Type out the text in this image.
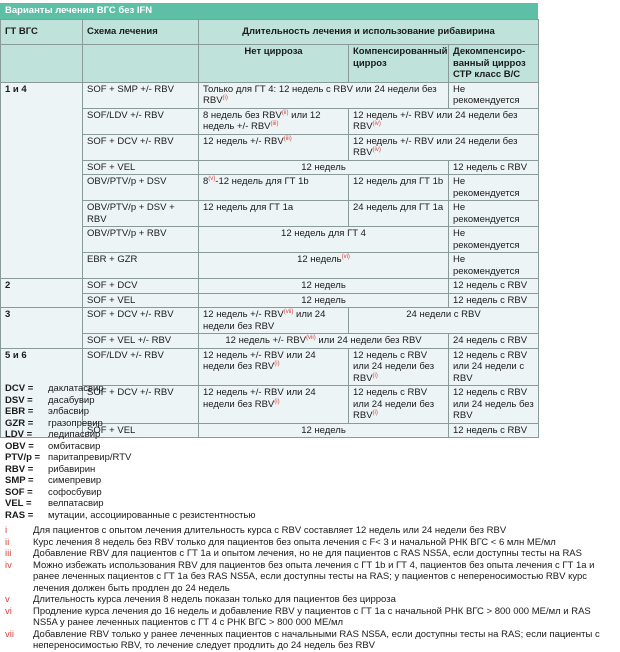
Варианты лечения ВГС без IFN
ГТ ВГС	Схема лечения	Длительность лечения и использование рибавирина		
		Нет цирроза	Компенсированный цирроз	Декомпенсиро-ванный цирроз СТР класс B/C
1 и 4	SOF + SMP +/- RBV	Только для ГТ 4: 12 недель с RBV или 24 недели без RBV$^{(i)}$		Не рекомендуется
	SOF/LDV +/- RBV	8 недель без RBV$^{(ii)}$ или 12 недель +/- RBV$^{(iii)}$	12 недель +/- RBV или 24 недели без RBV$^{(iv)}$
	SOF + DCV +/- RBV	12 недель +/- RBV$^{(iii)}$	12 недель +/- RBV или 24 недели без RBV$^{(iv)}$
	SOF + VEL	12 недель		12 недель с RBV
	OBV/PTV/p + DSV	8$^{(v)}$-12 недель для ГТ 1b	12 недель для ГТ 1b	Не рекомендуется
	OBV/PTV/p + DSV + RBV	12 недель для ГТ 1a	24 недель для ГТ 1a	Не рекомендуется
	OBV/PTV/p + RBV	12 недель для ГТ 4		Не рекомендуется
	EBR + GZR	12 недель$^{(vi)}$		Не рекомендуется
2	SOF + DCV	12 недель		12 недель с RBV
	SOF + VEL	12 недель		12 недель с RBV
3	SOF + DCV +/- RBV	12 недель +/- RBV$^{(vii)}$ или 24 недели без RBV	24 недели с RBV	
	SOF + VEL +/- RBV	12 недель +/- RBV$^{(vii)}$ или 24 недели без RBV		24 недель с RBV
5 и 6	SOF/LDV +/- RBV	12 недель +/- RBV или 24 недели без RBV$^{(i)}$	12 недель с RBV или 24 недели без RBV$^{(i)}$	12 недель с RBV или 24 недели с RBV
	SOF + DCV +/- RBV	12 недель +/- RBV или 24 недели без RBV$^{(i)}$	12 недель с RBV или 24 недели без RBV$^{(i)}$	12 недель с RBV или 24 недель без RBV
	SOF + VEL	12 недель		12 недель с RBV
DCV =	даклатасвир
DSV =	дасабувир
EBR =	элбасвир
GZR =	гразопревир
LDV =	ледипасвир
OBV =	омбитасвир
PTV/p = паритапревир/RTV
RBV =	рибавирин
SMP =	симепревир
SOF =	софосбувир
VEL =	велпатасвир
RAS =	мутации, ассоциированные с резистентностью
i	Для пациентов с опытом лечения длительность курса с RBV составляет 12 недель или 24 недели без RBV
ii	Курс лечения 8 недель без RBV только для пациентов без опыта лечения с F< 3 и начальной РНК ВГС < 6 млн МЕ/мл
iii	Добавление RBV для пациентов с ГТ 1a и опытом лечения, но не для пациентов с RAS NS5A, если доступны тесты на RAS
iv	Можно избежать использования RBV для пациентов без опыта лечения с ГТ 1b и ГТ 4, пациентов без опыта лечения с ГТ 1a и ранее леченных пациентов с ГТ 1a без RAS NS5A, если доступны тесты на RAS; у пациентов с непереносимостью RBV курс лечения должен быть продлен до 24 недель
v	Длительность курса лечения 8 недель показан только для пациентов без цирроза
vi	Продление курса лечения до 16 недель и добавление RBV у пациентов с ГТ 1a с начальной РНК ВГС > 800 000 МЕ/мл и RAS NS5A у ранее леченных пациентов с ГТ 4 с РНК ВГС > 800 000 МЕ/мл
vii	Добавление RBV только у ранее леченных пациентов с начальными RAS NS5A, если доступны тесты на RAS; если пациенты с непереносимостью RBV, то лечение следует продлить до 24 недель без RBV
